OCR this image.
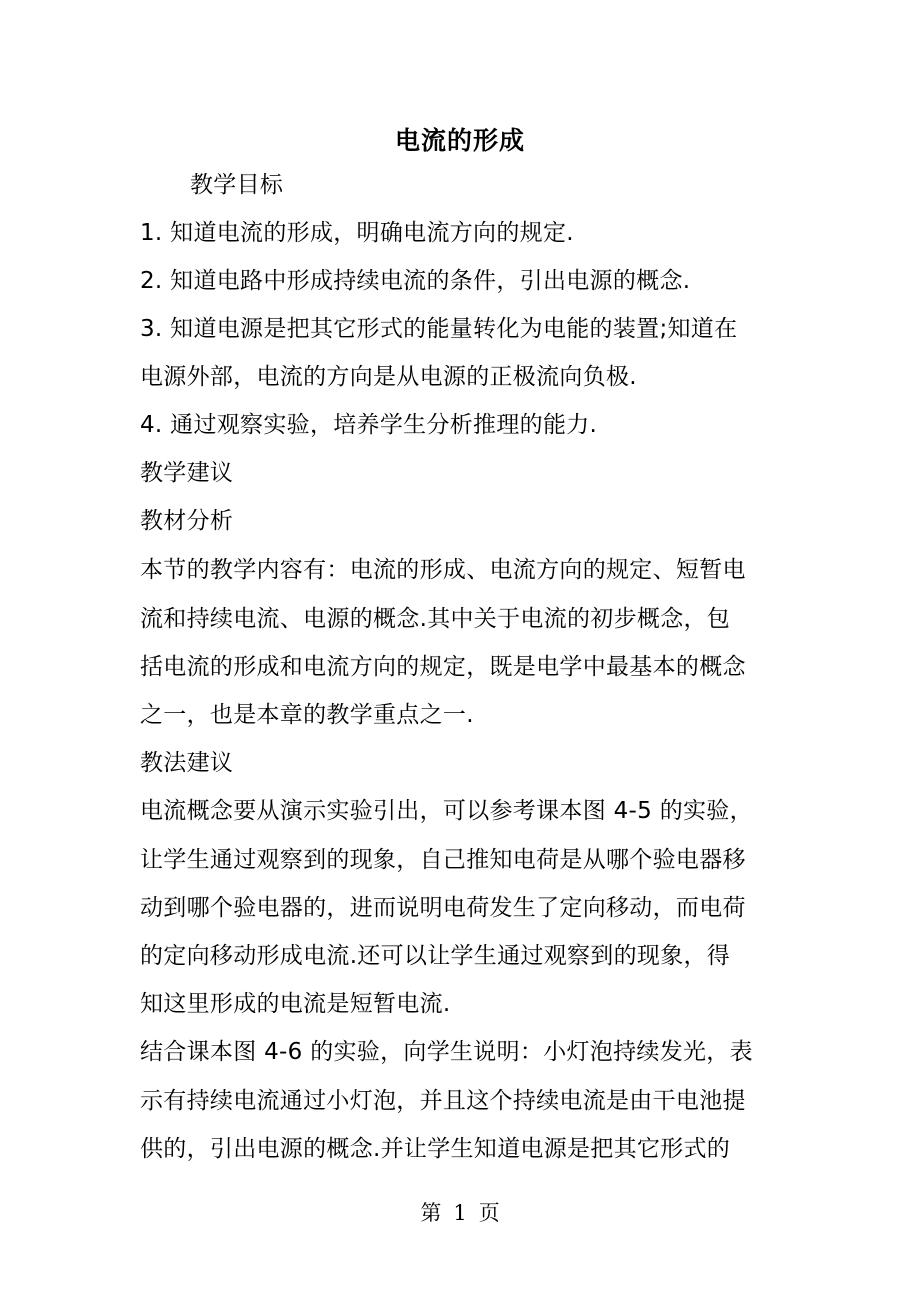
电流的形成
教学目标
1. 知道电流的形成，明确电流方向的规定.
2. 知道电路中形成持续电流的条件，引出电源的概念.
3. 知道电源是把其它形式的能量转化为电能的装置;知道在
电源外部，电流的方向是从电源的正极流向负极.
4. 通过观察实验，培养学生分析推理的能力.
教学建议
教材分析
本节的教学内容有：电流的形成、电流方向的规定、短暂电
流和持续电流、电源的概念.其中关于电流的初步概念，包
括电流的形成和电流方向的规定，既是电学中最基本的概念
之一，也是本章的教学重点之一.
教法建议
电流概念要从演示实验引出，可以参考课本图 4-5 的实验，
让学生通过观察到的现象，自己推知电荷是从哪个验电器移
动到哪个验电器的，进而说明电荷发生了定向移动，而电荷
的定向移动形成电流.还可以让学生通过观察到的现象，得
知这里形成的电流是短暂电流.
结合课本图 4-6 的实验，向学生说明：小灯泡持续发光，表
示有持续电流通过小灯泡，并且这个持续电流是由干电池提
供的，引出电源的概念.并让学生知道电源是把其它形式的
第 1 页
